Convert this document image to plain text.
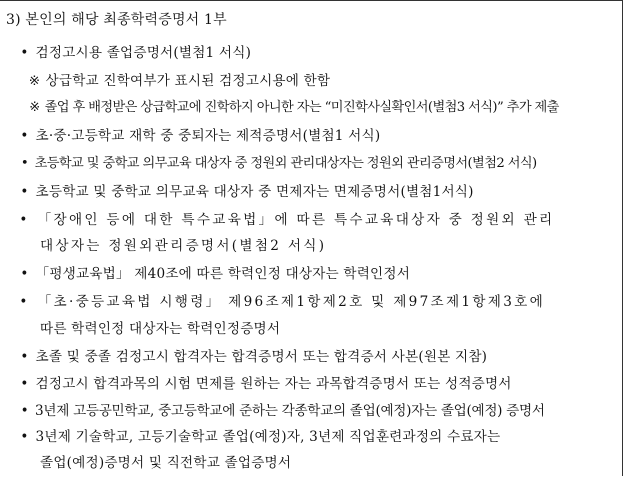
3) 본인의 해당 최종학력증명서 1부
• 검정고시용 졸업증명서(별첨1 서식)
※ 상급학교 진학여부가 표시된 검정고시용에 한함
※ 졸업 후 배정받은 상급학교에 진학하지 아니한 자는 “미진학사실확인서(별첨3 서식)” 추가 제출
• 초·중·고등학교 재학 중 중퇴자는 제적증명서(별첨1 서식)
• 초등학교 및 중학교 의무교육 대상자 중 정원외 관리대상자는 정원외 관리증명서(별첨2 서식)
• 초등학교 및 중학교 의무교육 대상자 중 면제자는 면제증명서(별첨1서식)
• 「장애인 등에 대한 특수교육법」에 따른 특수교육대상자 중 정원외 관리
대상자는 정원외관리증명서(별첨2 서식)
• 「평생교육법」 제40조에 따른 학력인정 대상자는 학력인정서
• 「초·중등교육법 시행령」 제96조제1항제2호 및 제97조제1항제3호에
따른 학력인정 대상자는 학력인정증명서
• 초졸 및 중졸 검정고시 합격자는 합격증명서 또는 합격증서 사본(원본 지참)
• 검정고시 합격과목의 시험 면제를 원하는 자는 과목합격증명서 또는 성적증명서
• 3년제 고등공민학교, 중고등학교에 준하는 각종학교의 졸업(예정)자는 졸업(예정) 증명서
• 3년제 기술학교, 고등기술학교 졸업(예정)자, 3년제 직업훈련과정의 수료자는
졸업(예정)증명서 및 직전학교 졸업증명서
